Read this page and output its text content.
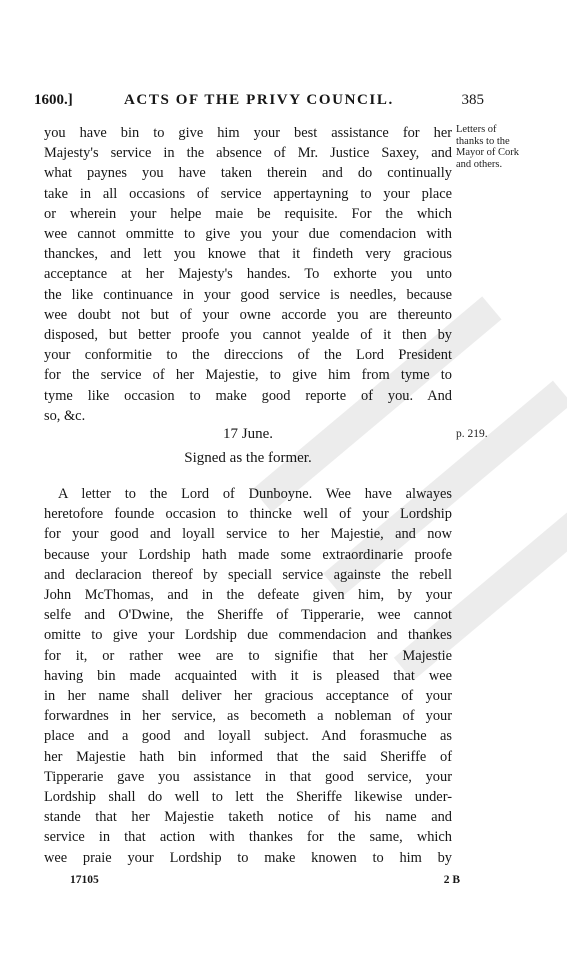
1600.]	ACTS OF THE PRIVY COUNCIL.	385
Letters of
thanks to the
Mayor of Cork
and others.
you have bin to give him your best assistance for her
Majesty's service in the absence of Mr. Justice Saxey, and
what paynes you have taken therein and do continually
take in all occasions of service appertayning to your place
or wherein your helpe maie be requisite. For the which
wee cannot ommitte to give you your due comendacion with
thanckes, and lett you knowe that it findeth very gracious
acceptance at her Majesty's handes. To exhorte you unto
the like continuance in your good service is needles, because
wee doubt not but of your owne accorde you are thereunto
disposed, but better proofe you cannot yealde of it then by
your conformitie to the direccions of the Lord President
for the service of her Majestie, to give him from tyme to
tyme like occasion to make good reporte of you. And
so, &c.
17 June.	p. 219.
Signed as the former.
A letter to the Lord of Dunboyne. Wee have alwayes
heretofore founde occasion to thincke well of your Lordship
for your good and loyall service to her Majestie, and now
because your Lordship hath made some extraordinarie proofe
and declaracion thereof by speciall service againste the rebell
John McThomas, and in the defeate given him, by your
selfe and O'Dwine, the Sheriffe of Tipperarie, wee cannot
omitte to give your Lordship due commendacion and thankes
for it, or rather wee are to signifie that her Majestie
having bin made acquainted with it is pleased that wee
in her name shall deliver her gracious acceptance of your
forwardnes in her service, as becometh a nobleman of your
place and a good and loyall subject. And forasmuche as
her Majestie hath bin informed that the said Sheriffe of
Tipperarie gave you assistance in that good service, your
Lordship shall do well to lett the Sheriffe likewise under-
stande that her Majestie taketh notice of his name and
service in that action with thankes for the same, which
wee praie your Lordship to make knowen to him by
17105	2 B
